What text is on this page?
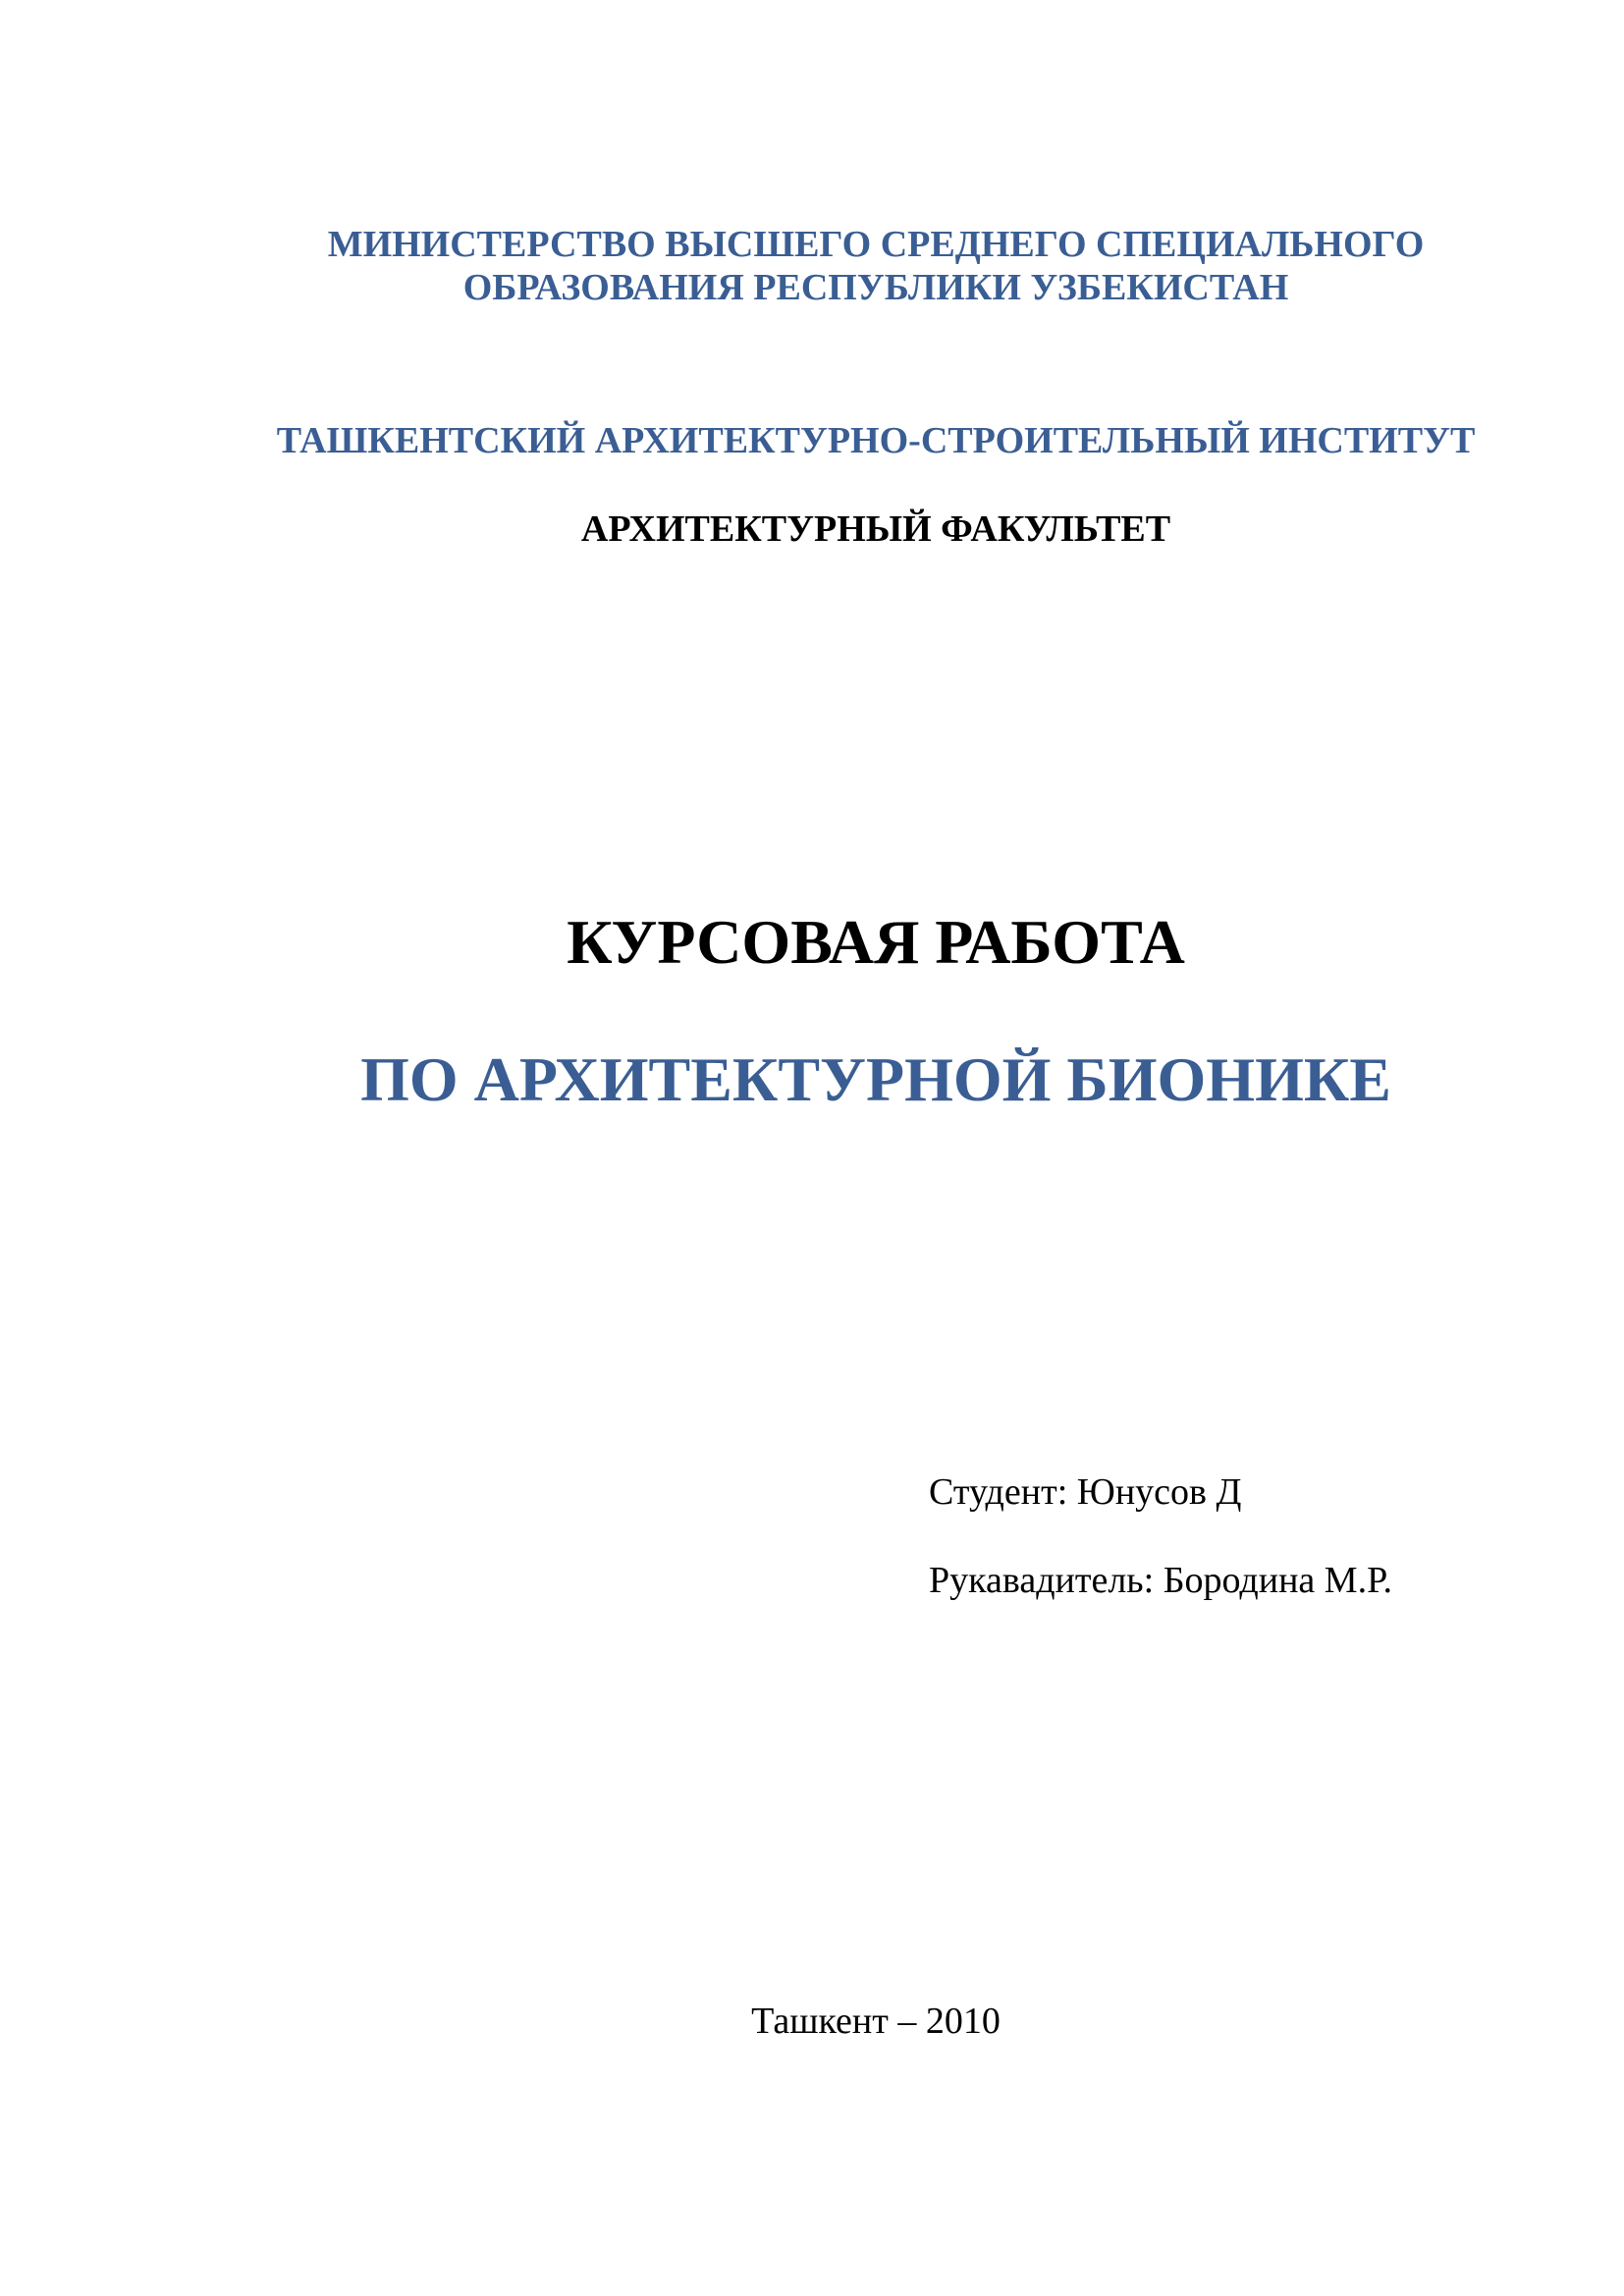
МИНИСТЕРСТВО ВЫСШЕГО СРЕДНЕГО СПЕЦИАЛЬНОГО
ОБРАЗОВАНИЯ РЕСПУБЛИКИ УЗБЕКИСТАН
ТАШКЕНТСКИЙ АРХИТЕКТУРНО-СТРОИТЕЛЬНЫЙ ИНСТИТУТ
АРХИТЕКТУРНЫЙ ФАКУЛЬТЕТ
КУРСОВАЯ РАБОТА
ПО АРХИТЕКТУРНОЙ БИОНИКЕ
Студент: Юнусов Д
Рукавадитель: Бородина М.Р.
Ташкент – 2010
